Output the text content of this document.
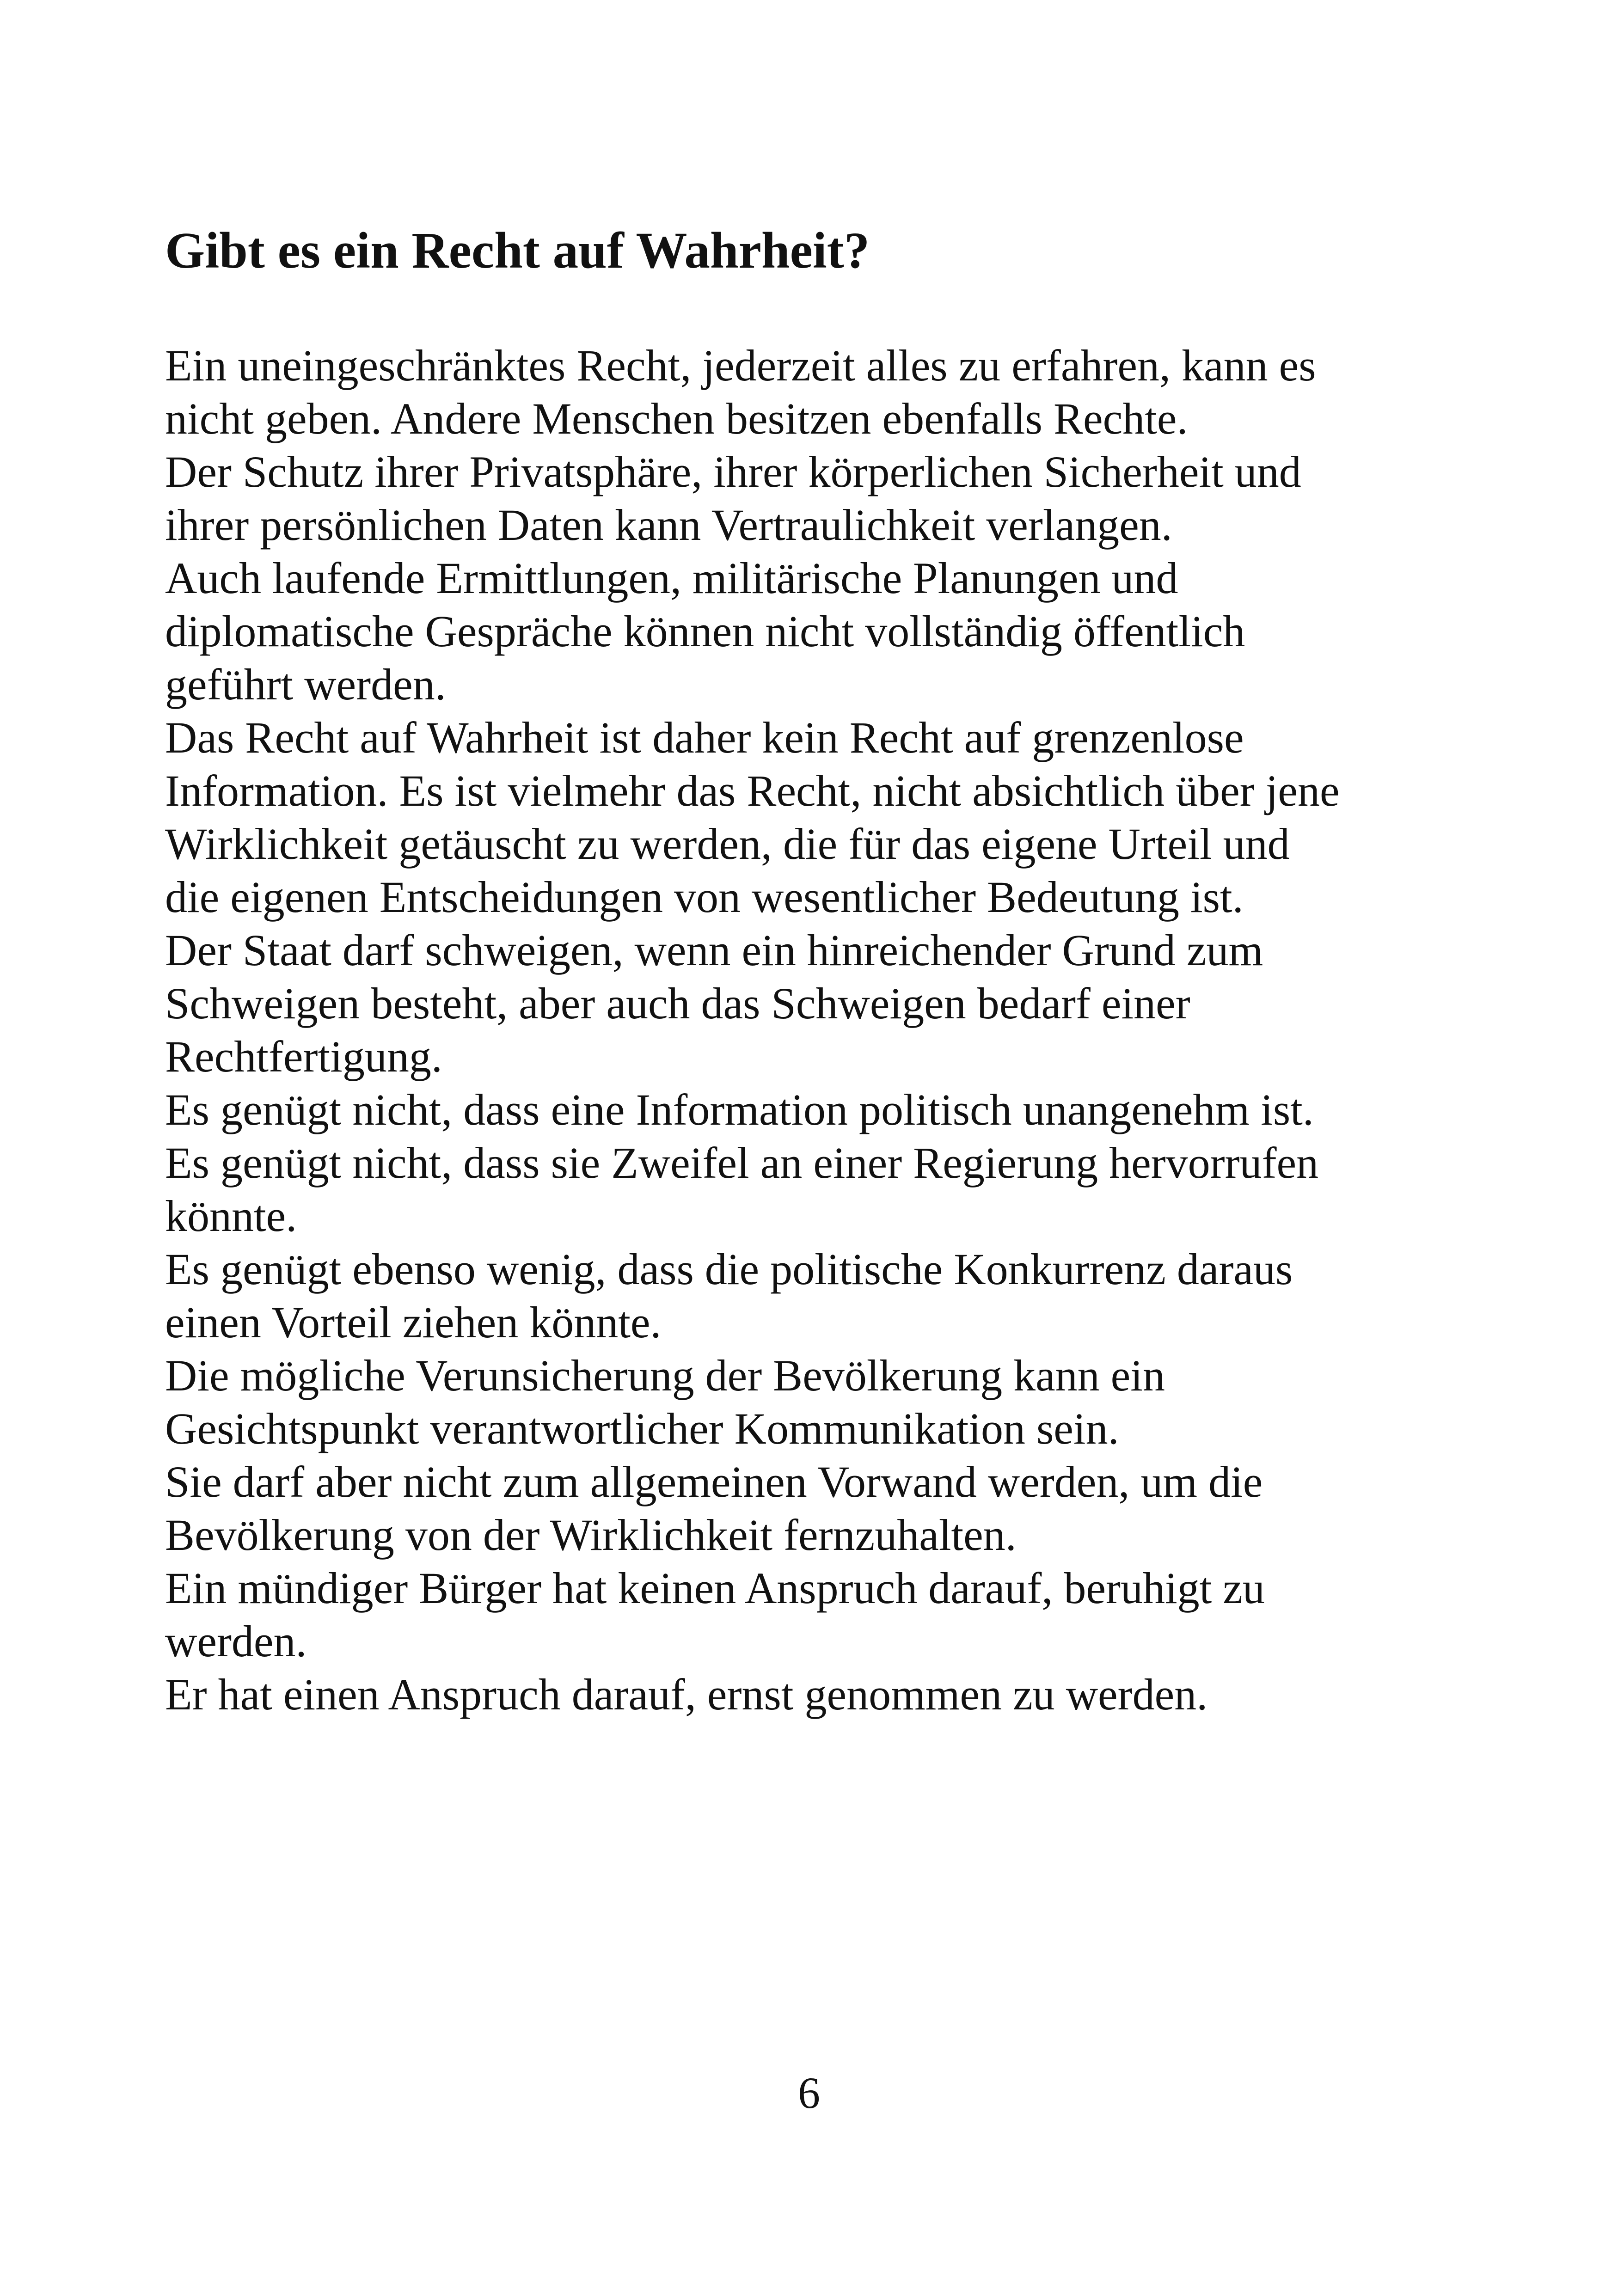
Gibt es ein Recht auf Wahrheit?
Ein uneingeschränktes Recht, jederzeit alles zu erfahren, kann es
nicht geben. Andere Menschen besitzen ebenfalls Rechte.
Der Schutz ihrer Privatsphäre, ihrer körperlichen Sicherheit und
ihrer persönlichen Daten kann Vertraulichkeit verlangen.
Auch laufende Ermittlungen, militärische Planungen und
diplomatische Gespräche können nicht vollständig öffentlich
geführt werden.
Das Recht auf Wahrheit ist daher kein Recht auf grenzenlose
Information. Es ist vielmehr das Recht, nicht absichtlich über jene
Wirklichkeit getäuscht zu werden, die für das eigene Urteil und
die eigenen Entscheidungen von wesentlicher Bedeutung ist.
Der Staat darf schweigen, wenn ein hinreichender Grund zum
Schweigen besteht, aber auch das Schweigen bedarf einer
Rechtfertigung.
Es genügt nicht, dass eine Information politisch unangenehm ist.
Es genügt nicht, dass sie Zweifel an einer Regierung hervorrufen
könnte.
Es genügt ebenso wenig, dass die politische Konkurrenz daraus
einen Vorteil ziehen könnte.
Die mögliche Verunsicherung der Bevölkerung kann ein
Gesichtspunkt verantwortlicher Kommunikation sein.
Sie darf aber nicht zum allgemeinen Vorwand werden, um die
Bevölkerung von der Wirklichkeit fernzuhalten.
Ein mündiger Bürger hat keinen Anspruch darauf, beruhigt zu
werden.
Er hat einen Anspruch darauf, ernst genommen zu werden.
6
